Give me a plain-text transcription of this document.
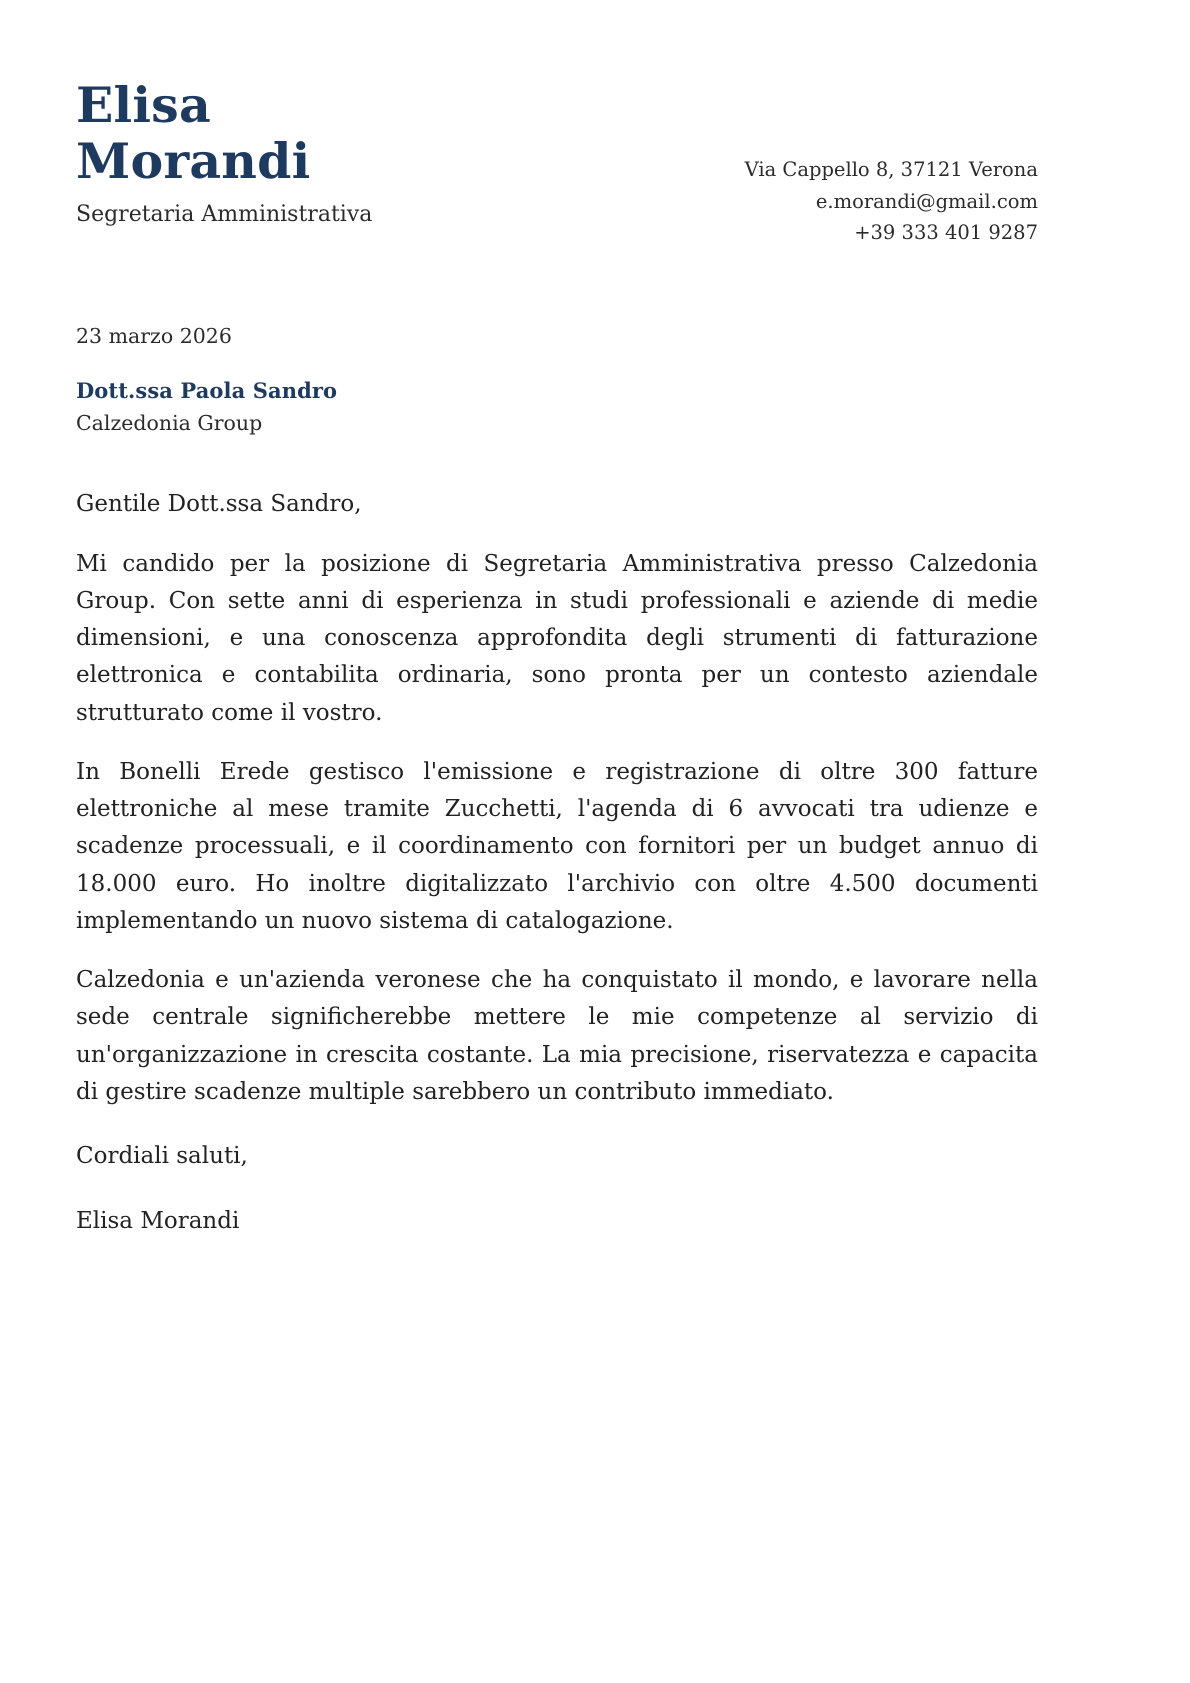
Elisa
Morandi
Segretaria Amministrativa
Via Cappello 8, 37121 Verona
e.morandi@gmail.com
+39 333 401 9287
23 marzo 2026
Dott.ssa Paola Sandro
Calzedonia Group
Gentile Dott.ssa Sandro,

Mi candido per la posizione di Segretaria Amministrativa presso Calzedonia Group. Con sette anni di esperienza in studi professionali e aziende di medie dimensioni, e una conoscenza approfondita degli strumenti di fatturazione elettronica e contabilita ordinaria, sono pronta per un contesto aziendale strutturato come il vostro.

In Bonelli Erede gestisco l'emissione e registrazione di oltre 300 fatture elettroniche al mese tramite Zucchetti, l'agenda di 6 avvocati tra udienze e scadenze processuali, e il coordinamento con fornitori per un budget annuo di 18.000 euro. Ho inoltre digitalizzato l'archivio con oltre 4.500 documenti implementando un nuovo sistema di catalogazione.

Calzedonia e un'azienda veronese che ha conquistato il mondo, e lavorare nella sede centrale significherebbe mettere le mie competenze al servizio di un'organizzazione in crescita costante. La mia precisione, riservatezza e capacita di gestire scadenze multiple sarebbero un contributo immediato.

Cordiali saluti,
Elisa Morandi
